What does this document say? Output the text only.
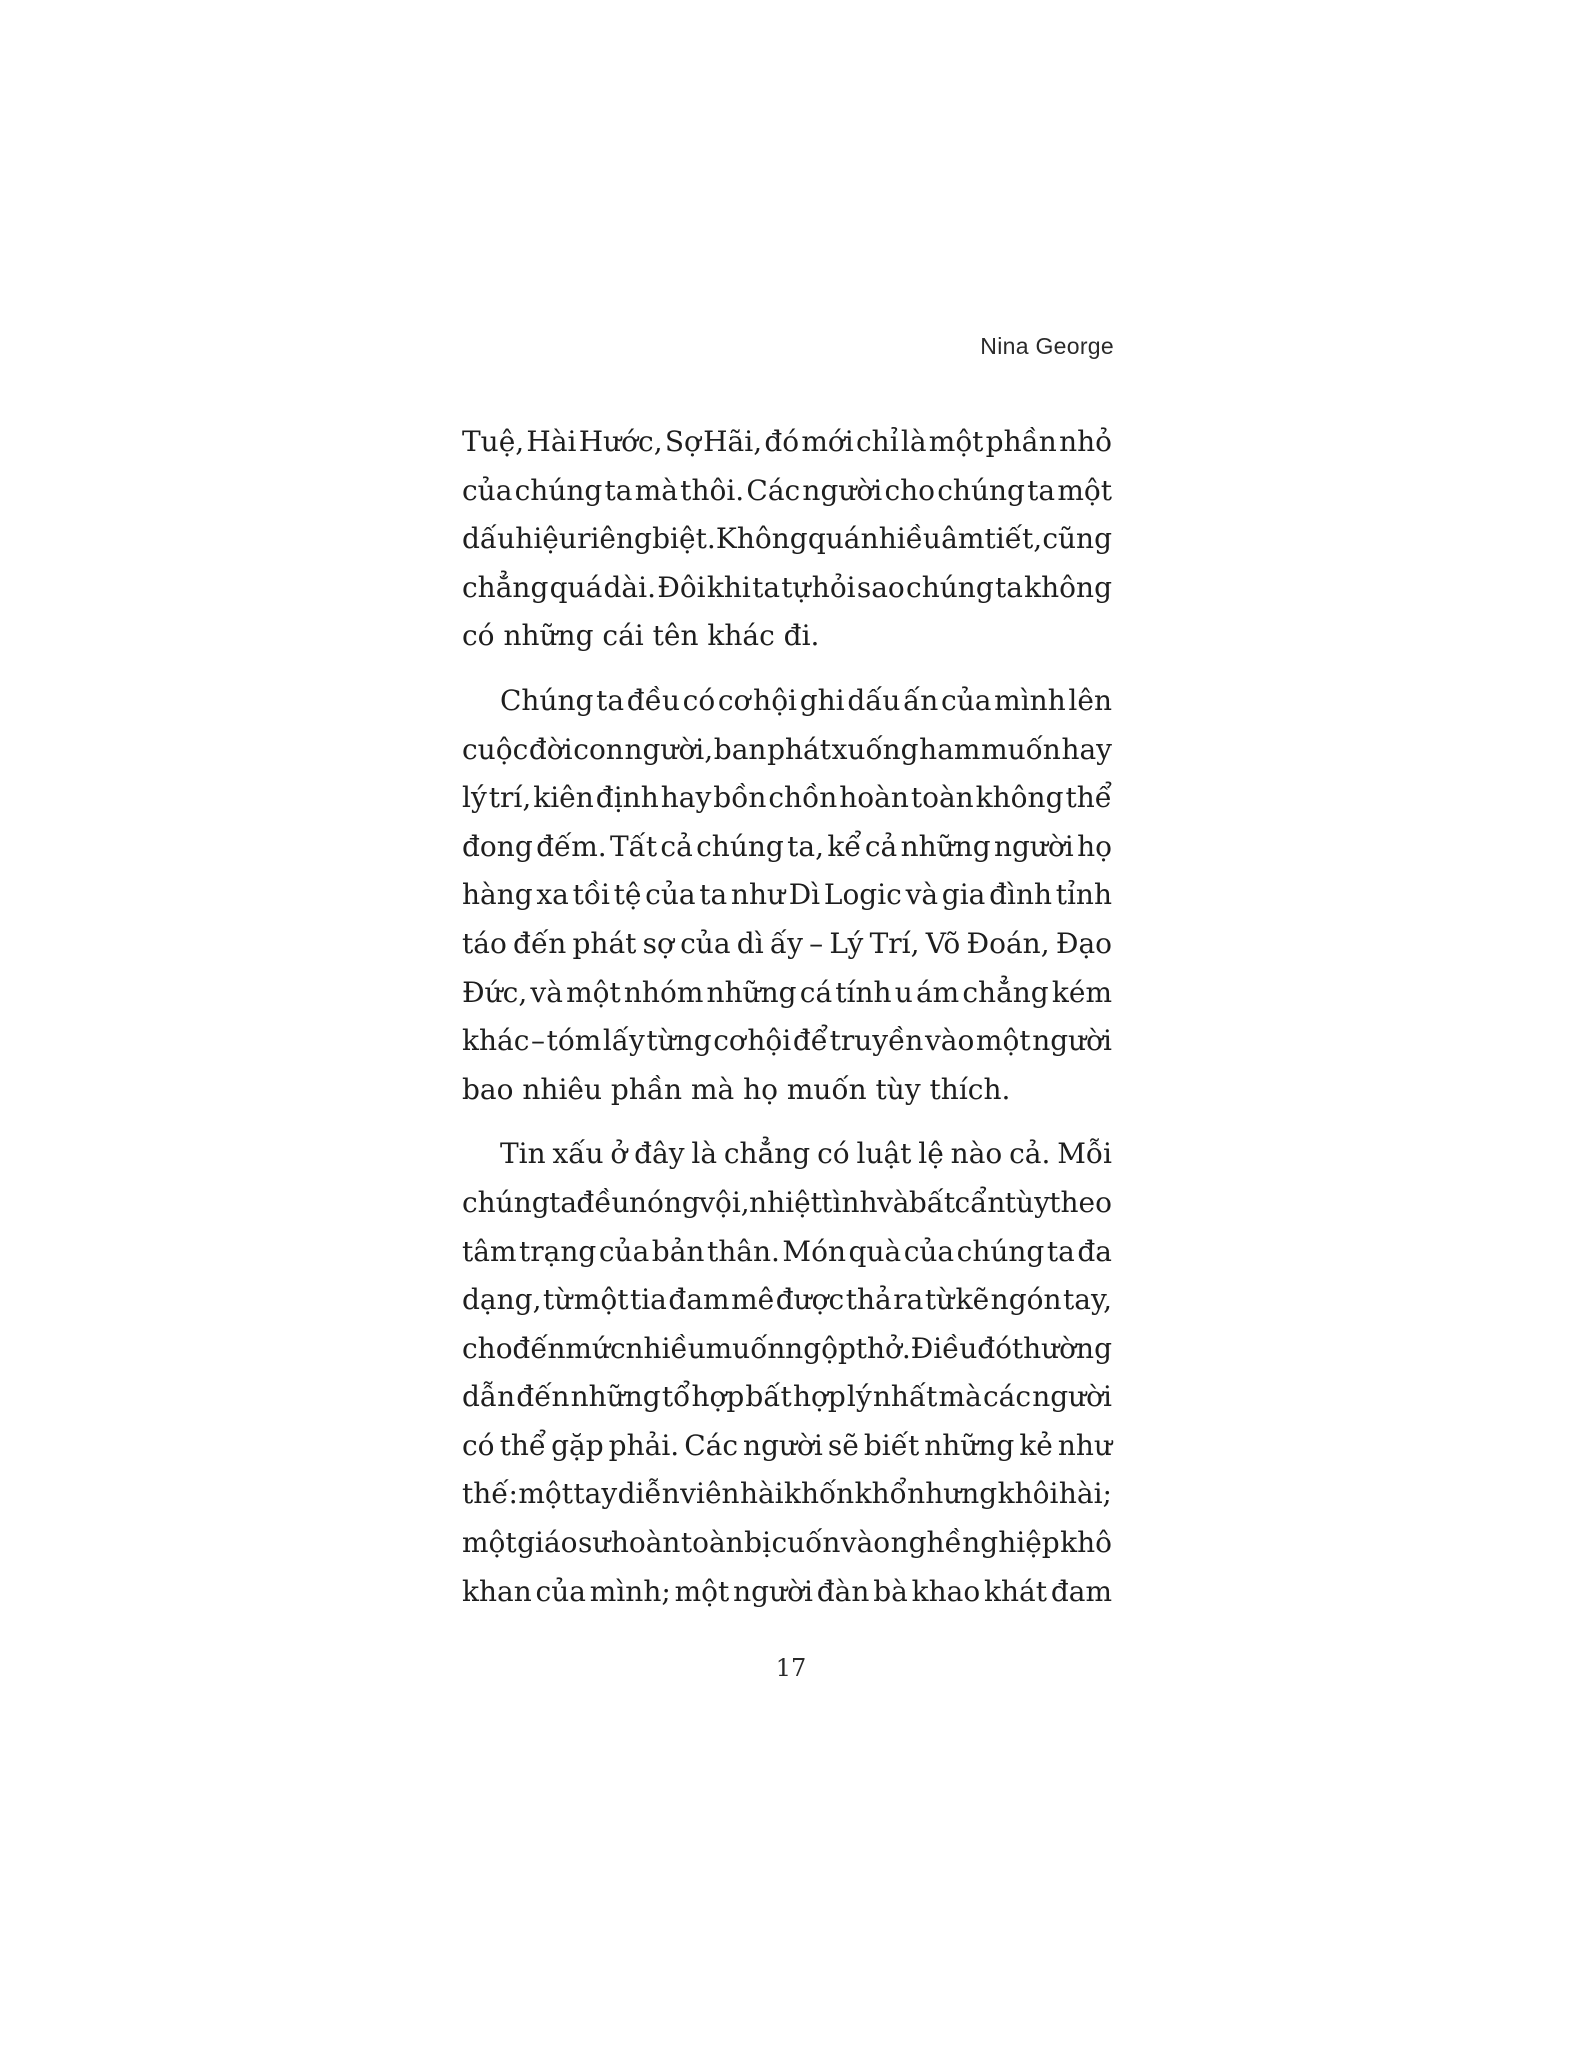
Nina George

Tuệ, Hài Hước, Sợ Hãi, đó mới chỉ là một phần nhỏ
của chúng ta mà thôi. Các người cho chúng ta một
dấu hiệu riêng biệt. Không quá nhiều âm tiết, cũng
chẳng quá dài. Đôi khi ta tự hỏi sao chúng ta không
có những cái tên khác đi.

Chúng ta đều có cơ hội ghi dấu ấn của mình lên
cuộc đời con người, ban phát xuống ham muốn hay
lý trí, kiên định hay bồn chồn hoàn toàn không thể
đong đếm. Tất cả chúng ta, kể cả những người họ
hàng xa tồi tệ của ta như Dì Logic và gia đình tỉnh
táo đến phát sợ của dì ấy – Lý Trí, Võ Đoán, Đạo
Đức, và một nhóm những cá tính u ám chẳng kém
khác – tóm lấy từng cơ hội để truyền vào một người
bao nhiêu phần mà họ muốn tùy thích.

Tin xấu ở đây là chẳng có luật lệ nào cả. Mỗi
chúng ta đều nóng vội, nhiệt tình và bất cẩn tùy theo
tâm trạng của bản thân. Món quà của chúng ta đa
dạng, từ một tia đam mê được thả ra từ kẽ ngón tay,
cho đến mức nhiều muốn ngộp thở. Điều đó thường
dẫn đến những tổ hợp bất hợp lý nhất mà các người
có thể gặp phải. Các người sẽ biết những kẻ như
thế: một tay diễn viên hài khốn khổ nhưng khôi hài;
một giáo sư hoàn toàn bị cuốn vào nghề nghiệp khô
khan của mình; một người đàn bà khao khát đam

17
